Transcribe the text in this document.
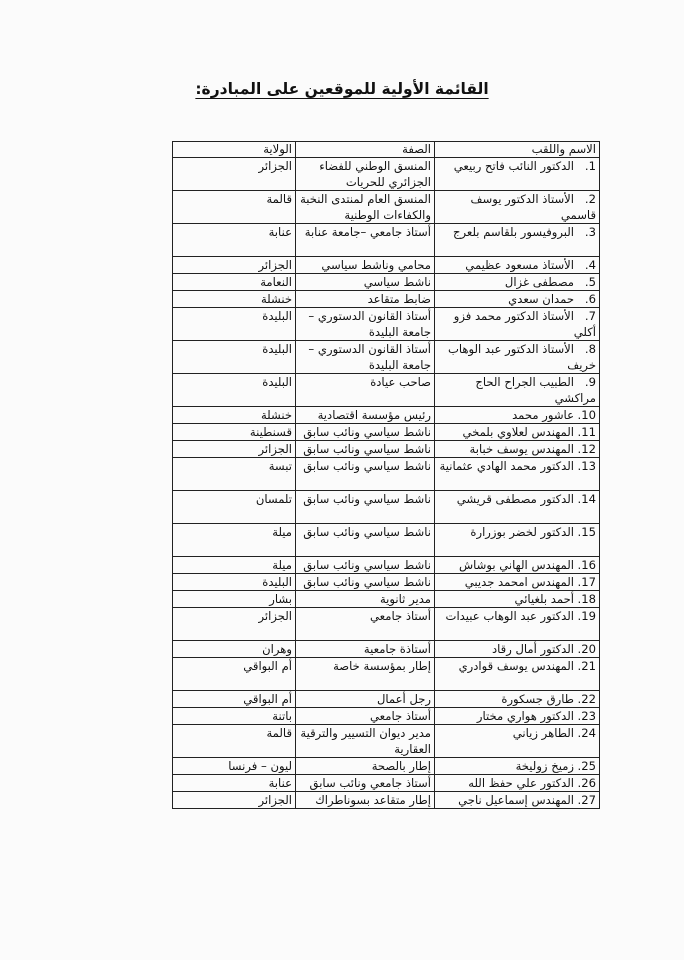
القائمة الأولية للموقعين على المبادرة:
الاسم واللقب	الصفة	الولاية
1.الدكتور النائب فاتح ربيعي	المنسق الوطني للفضاء الجزائري للحريات	الجزائر
2.الأستاذ الدكتور يوسف قاسمي	المنسق العام لمنتدى النخبة والكفاءات الوطنية	قالمة
3.البروفيسور بلقاسم بلعرج	أستاذ جامعي –جامعة عنابة	عنابة
4.الأستاذ مسعود عظيمي	محامي وناشط سياسي	الجزائر
5.مصطفى غزال	ناشط سياسي	النعامة
6.حمدان سعدي	ضابط متقاعد	خنشلة
7.الأستاذ الدكتور محمد فزو أكلي	أستاذ القانون الدستوري – جامعة البليدة	البليدة
8.الأستاذ الدكتور عبد الوهاب خريف	أستاذ القانون الدستوري – جامعة البليدة	البليدة
9.الطبيب الجراح الحاج مراكشي	صاحب عيادة	البليدة
10.عاشور محمد	رئيس مؤسسة اقتصادية	خنشلة
11.المهندس لعلاوي بلمخي	ناشط سياسي ونائب سابق	قسنطينة
12.المهندس يوسف خبابة	ناشط سياسي ونائب سابق	الجزائر
13.الدكتور محمد الهادي عثمانية	ناشط سياسي ونائب سابق	تبسة
14.الدكتور مصطفى قريشي	ناشط سياسي ونائب سابق	تلمسان
15.الدكتور لخضر بوزرارة	ناشط سياسي ونائب سابق	ميلة
16.المهندس الهاني بوشاش	ناشط سياسي ونائب سابق	ميلة
17.المهندس امحمد جديبي	ناشط سياسي ونائب سابق	البليدة
18.أحمد بلغيائي	مدير ثانوية	بشار
19.الدكتور عبد الوهاب عبيدات	أستاذ جامعي	الجزائر
20.الدكتور أمال رقاد	أستاذة جامعية	وهران
21.المهندس يوسف قوادري	إطار بمؤسسة خاصة	أم البواقي
22.طارق جسكورة	رجل أعمال	أم البواقي
23.الدكتور هواري مختار	أستاذ جامعي	باتنة
24.الطاهر زياني	مدير ديوان التسيير والترقية العقارية	قالمة
25.زميخ زوليخة	إطار بالصحة	ليون – فرنسا
26.الدكتور علي حفظ الله	أستاذ جامعي ونائب سابق	عنابة
27.المهندس إسماعيل ناجي	إطار متقاعد بسوناطراك	الجزائر
